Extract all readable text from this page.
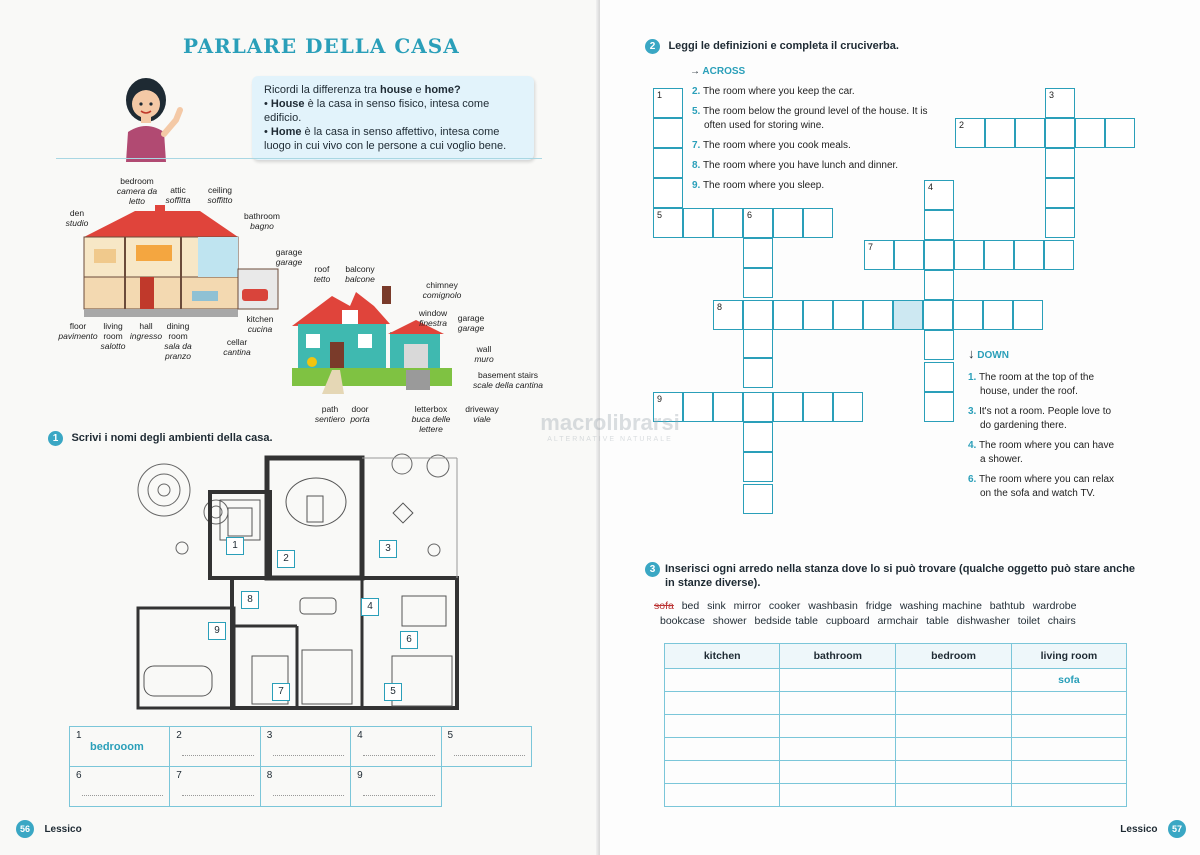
PARLARE DELLA CASA
Ricordi la differenza tra house e home?
• House è la casa in senso fisico, intesa come edificio.
• Home è la casa in senso affettivo, intesa come luogo in cui vivo con le persone a cui voglio bene.
bedroom
camera da letto
attic
soffitta
ceiling
soffitto
den
studio
bathroom
bagno
garage
garage
floor
pavimento
living room
salotto
hall
ingresso
dining room
sala da pranzo
kitchen
cucina
cellar
cantina
roof
tetto
balcony
balcone
chimney
comignolo
window
finestra	garage
garage
wall
muro
basement stairs
scale della cantina
path
sentiero
door
porta
letterbox
buca delle lettere
driveway
viale
1 Scrivi i nomi degli ambienti della casa.
1
2
3
4
5
6
7
8
9
1
bedrooom	2	3	4	5

6	7	8	9	

56 Lessico
2 Leggi le definizioni e completa il cruciverba.
→ ACROSS
2. The room where you keep the car.
5. The room below the ground level of the house. It is often used for storing wine.
7. The room where you cook meals.
8. The room where you have lunch and dinner.
9. The room where you sleep.
1
2
3
4
5	6
7
8
9
↓ DOWN
1. The room at the top of the house, under the roof.
3. It's not a room. People love to do gardening there.
4. The room where you can have a shower.
6. The room where you can relax on the sofa and watch TV.
3 Inserisci ogni arredo nella stanza dove lo si può trovare (qualche oggetto può stare anche in stanze diverse).
sofa bed sink mirror cooker washbasin fridge washing machine bathtub wardrobe
bookcase shower bedside table cupboard armchair table dishwasher toilet chairs
kitchen	bathroom	bedroom	living room
			sofa

Lessico 57
macrolibrarsi
ALTERNATIVE NATURALE
